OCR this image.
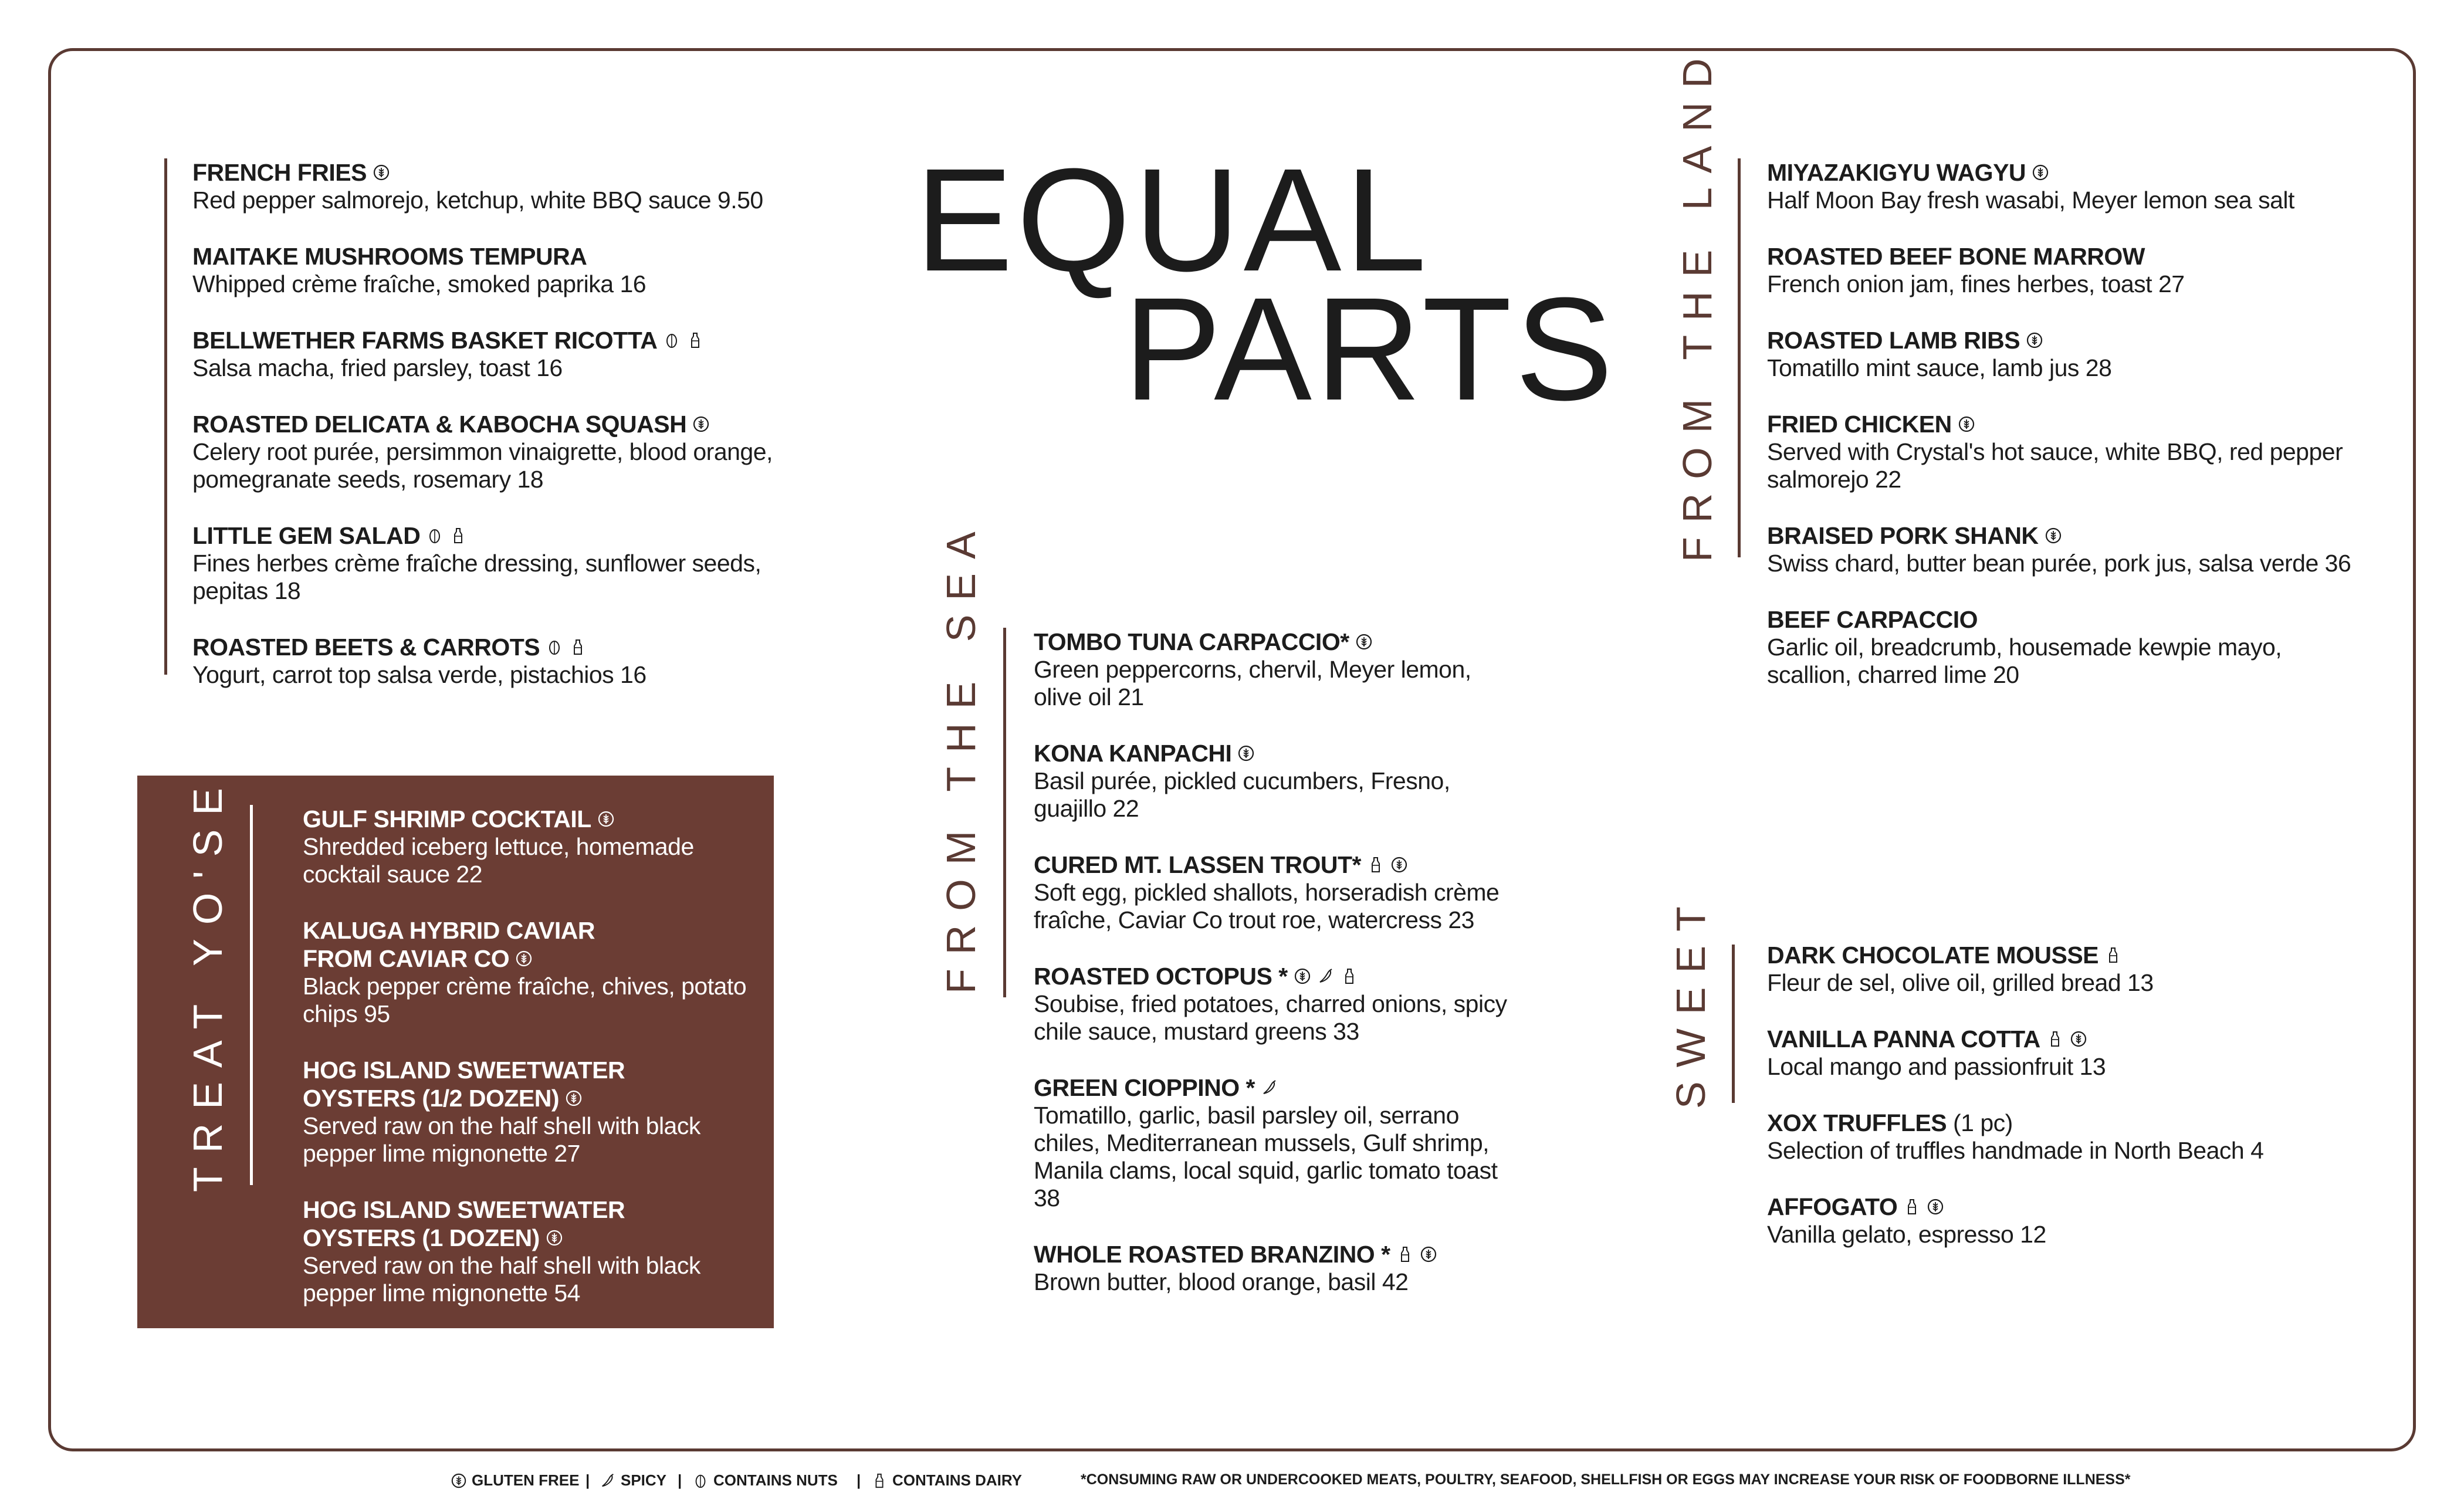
EQUAL
PARTS
FRENCH FRIES
Red pepper salmorejo, ketchup, white BBQ sauce 9.50
MAITAKE MUSHROOMS TEMPURA
Whipped crème fraîche, smoked paprika 16
BELLWETHER FARMS BASKET RICOTTA
Salsa macha, fried parsley, toast 16
ROASTED DELICATA & KABOCHA SQUASH
Celery root purée, persimmon vinaigrette, blood orange, pomegranate seeds, rosemary 18
LITTLE GEM SALAD
Fines herbes crème fraîche dressing, sunflower seeds, pepitas 18
ROASTED BEETS & CARROTS
Yogurt, carrot top salsa verde, pistachios 16
TREAT YO'SELF	GULF SHRIMP COCKTAIL
Shredded iceberg lettuce, homemade cocktail sauce 22
KALUGA HYBRID CAVIAR
FROM CAVIAR CO
Black pepper crème fraîche, chives, potato chips 95
HOG ISLAND SWEETWATER
OYSTERS (1/2 DOZEN)
Served raw on the half shell with black pepper lime mignonette 27
HOG ISLAND SWEETWATER
OYSTERS (1 DOZEN)
Served raw on the half shell with black pepper lime mignonette 54
FROM THE SEA TOMBO TUNA CARPACCIO*
Green peppercorns, chervil, Meyer lemon, olive oil 21
KONA KANPACHI
Basil purée, pickled cucumbers, Fresno, guajillo 22
CURED MT. LASSEN TROUT*
Soft egg, pickled shallots, horseradish crème fraîche, Caviar Co trout roe, watercress 23
ROASTED OCTOPUS *
Soubise, fried potatoes, charred onions, spicy chile sauce, mustard greens 33
GREEN CIOPPINO *
Tomatillo, garlic, basil parsley oil, serrano chiles, Mediterranean mussels, Gulf shrimp, Manila clams, local squid, garlic tomato toast 38
WHOLE ROASTED BRANZINO *
Brown butter, blood orange, basil 42
FROM THE LAND MIYAZAKIGYU WAGYU
Half Moon Bay fresh wasabi, Meyer lemon sea salt
ROASTED BEEF BONE MARROW
French onion jam, fines herbes, toast 27
ROASTED LAMB RIBS
Tomatillo mint sauce, lamb jus 28
FRIED CHICKEN
Served with Crystal's hot sauce, white BBQ, red pepper salmorejo 22
BRAISED PORK SHANK
Swiss chard, butter bean purée, pork jus, salsa verde 36
BEEF CARPACCIO
Garlic oil, breadcrumb, housemade kewpie mayo, scallion, charred lime 20
SWEET DARK CHOCOLATE MOUSSE
Fleur de sel, olive oil, grilled bread 13
VANILLA PANNA COTTA
Local mango and passionfruit 13
XOX TRUFFLES (1 pc)
Selection of truffles handmade in North Beach 4
AFFOGATO
Vanilla gelato, espresso 12
GLUTEN FREE | SPICY | CONTAINS NUTS | CONTAINS DAIRY	*CONSUMING RAW OR UNDERCOOKED MEATS, POULTRY, SEAFOOD, SHELLFISH OR EGGS MAY INCREASE YOUR RISK OF FOODBORNE ILLNESS*
